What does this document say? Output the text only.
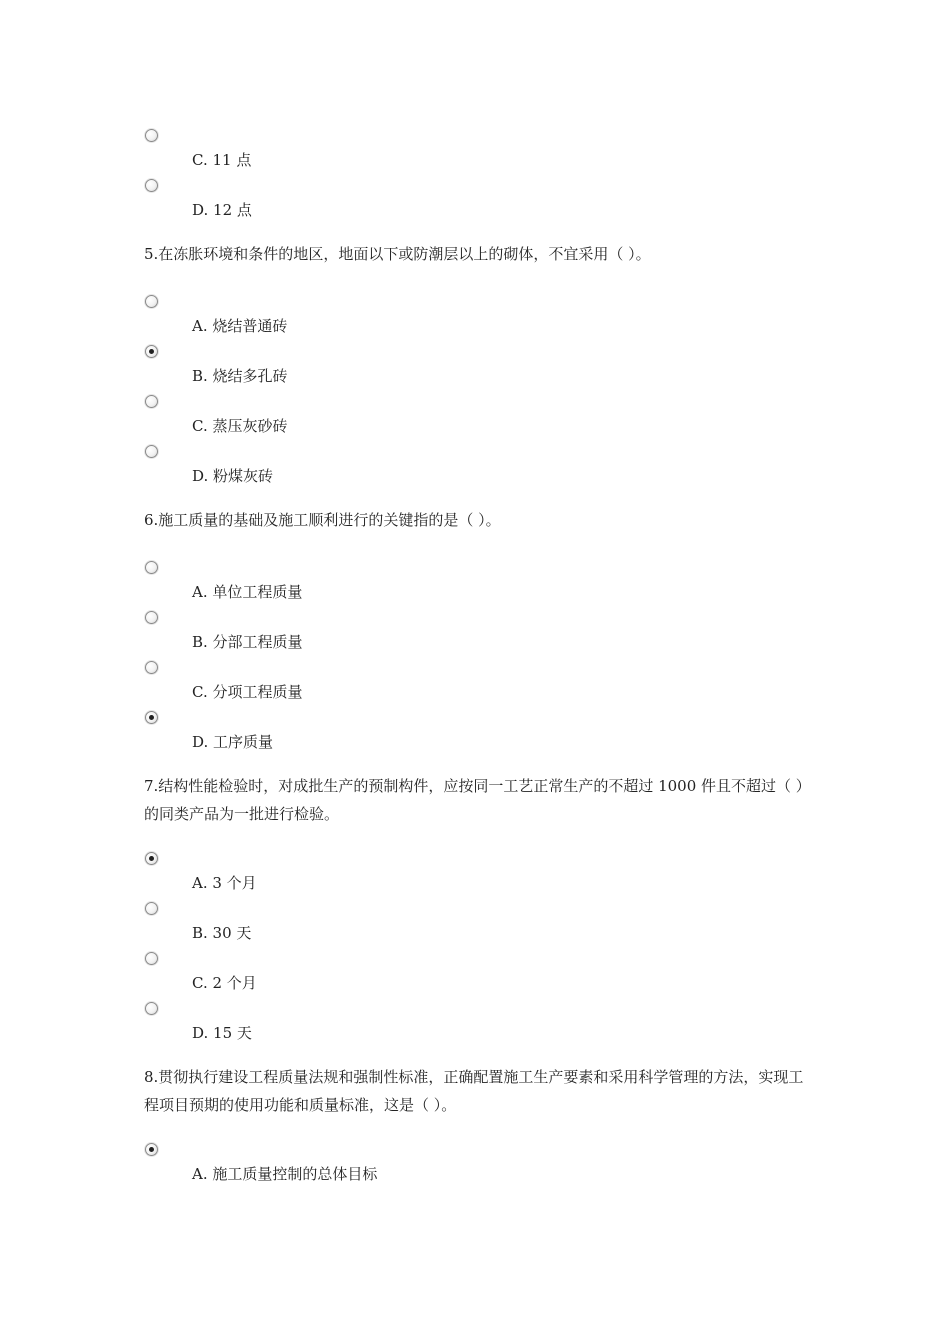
C. 11 点
D. 12 点
5.在冻胀环境和条件的地区，地面以下或防潮层以上的砌体，不宜采用（ ）。
A. 烧结普通砖
B. 烧结多孔砖
C. 蒸压灰砂砖
D. 粉煤灰砖
6.施工质量的基础及施工顺利进行的关键指的是（ ）。
A. 单位工程质量
B. 分部工程质量
C. 分项工程质量
D. 工序质量
7.结构性能检验时，对成批生产的预制构件，应按同一工艺正常生产的不超过 1000 件且不超过（ ）的同类产品为一批进行检验。
A. 3 个月
B. 30 天
C. 2 个月
D. 15 天
8.贯彻执行建设工程质量法规和强制性标准，正确配置施工生产要素和采用科学管理的方法，实现工程项目预期的使用功能和质量标准，这是（ ）。
A. 施工质量控制的总体目标
